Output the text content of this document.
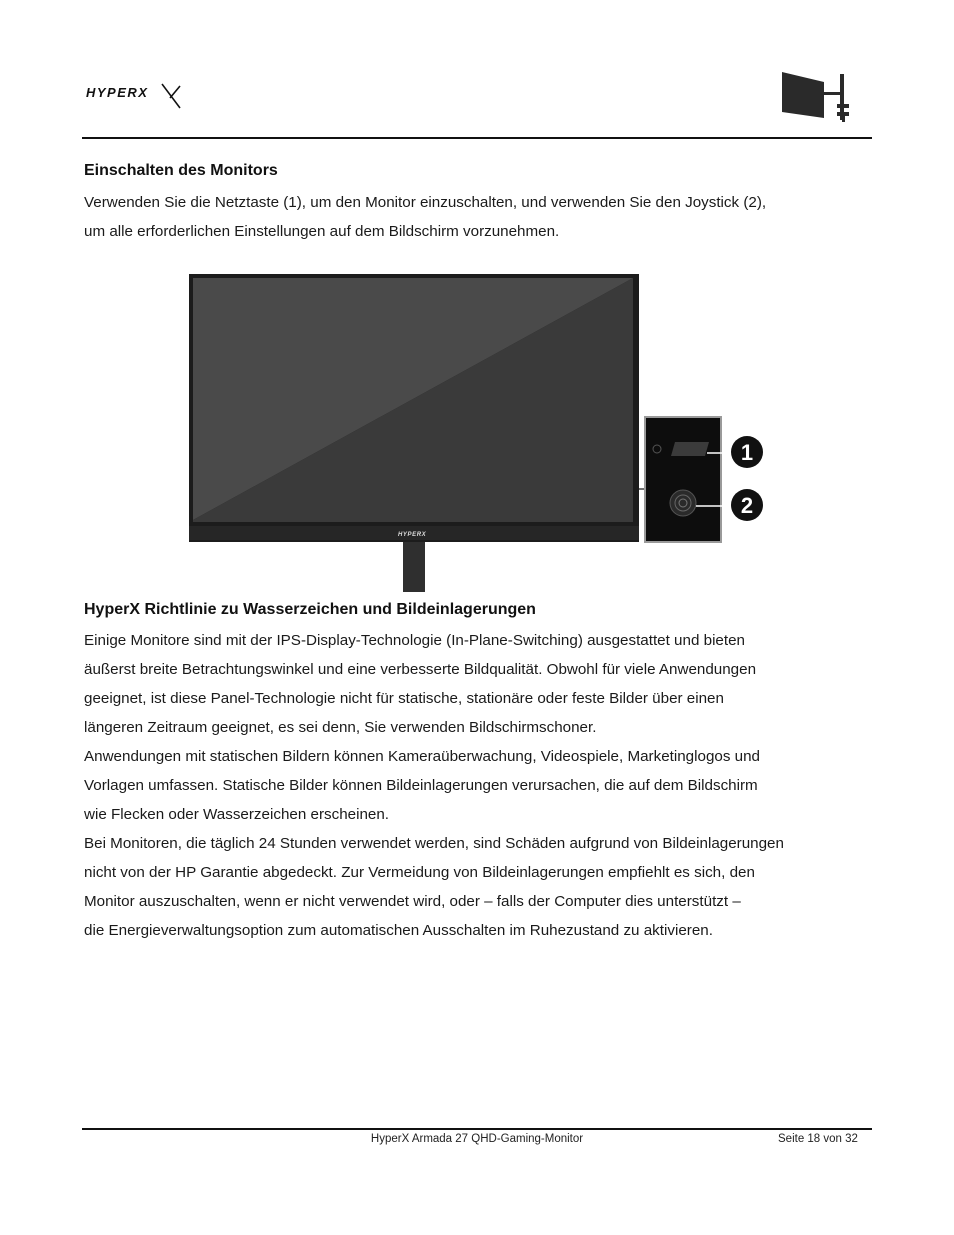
HYPERX
Einschalten des Monitors
Verwenden Sie die Netztaste (1), um den Monitor einzuschalten, und verwenden Sie den Joystick (2),
um alle erforderlichen Einstellungen auf dem Bildschirm vorzunehmen.
HYPERX
1
2
HyperX Richtlinie zu Wasserzeichen und Bildeinlagerungen
Einige Monitore sind mit der IPS-Display-Technologie (In-Plane-Switching) ausgestattet und bieten
äußerst breite Betrachtungswinkel und eine verbesserte Bildqualität. Obwohl für viele Anwendungen
geeignet, ist diese Panel-Technologie nicht für statische, stationäre oder feste Bilder über einen
längeren Zeitraum geeignet, es sei denn, Sie verwenden Bildschirmschoner.
Anwendungen mit statischen Bildern können Kameraüberwachung, Videospiele, Marketinglogos und
Vorlagen umfassen. Statische Bilder können Bildeinlagerungen verursachen, die auf dem Bildschirm
wie Flecken oder Wasserzeichen erscheinen.
Bei Monitoren, die täglich 24 Stunden verwendet werden, sind Schäden aufgrund von Bildeinlagerungen
nicht von der HP Garantie abgedeckt. Zur Vermeidung von Bildeinlagerungen empfiehlt es sich, den
Monitor auszuschalten, wenn er nicht verwendet wird, oder – falls der Computer dies unterstützt –
die Energieverwaltungsoption zum automatischen Ausschalten im Ruhezustand zu aktivieren.
HyperX Armada 27 QHD-Gaming-Monitor	Seite 18 von 32
